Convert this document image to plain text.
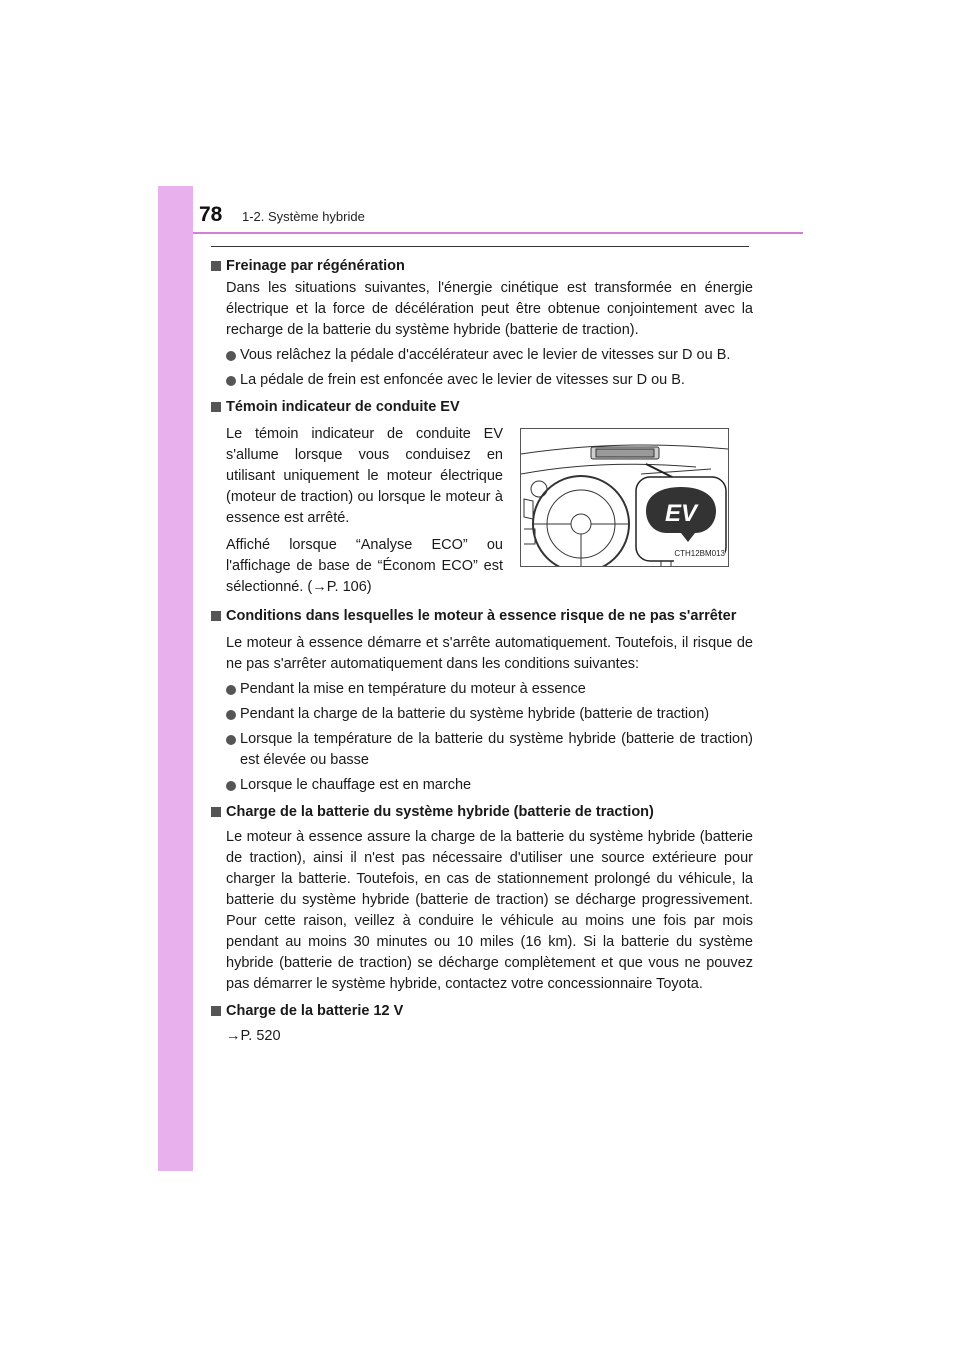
78 1-2. Système hybride

Freinage par régénération

Dans les situations suivantes, l'énergie cinétique est transformée en énergie électrique et la force de décélération peut être obtenue conjointement avec la recharge de la batterie du système hybride (batterie de traction).

Vous relâchez la pédale d'accélérateur avec le levier de vitesses sur D ou B.

La pédale de frein est enfoncée avec le levier de vitesses sur D ou B.

Témoin indicateur de conduite EV

Le témoin indicateur de conduite EV s'allume lorsque vous conduisez en utilisant uniquement le moteur électrique (moteur de traction) ou lorsque le moteur à essence est arrêté.

Affiché lorsque “Analyse ECO” ou l'affichage de base de “Économ ECO” est sélectionné. (→P. 106)

EV
CTH12BM013

Conditions dans lesquelles le moteur à essence risque de ne pas s'arrêter

Le moteur à essence démarre et s'arrête automatiquement. Toutefois, il risque de ne pas s'arrêter automatiquement dans les conditions suivantes:

Pendant la mise en température du moteur à essence

Pendant la charge de la batterie du système hybride (batterie de traction)

Lorsque la température de la batterie du système hybride (batterie de traction) est élevée ou basse

Lorsque le chauffage est en marche

Charge de la batterie du système hybride (batterie de traction)

Le moteur à essence assure la charge de la batterie du système hybride (batterie de traction), ainsi il n'est pas nécessaire d'utiliser une source extérieure pour charger la batterie. Toutefois, en cas de stationnement prolongé du véhicule, la batterie du système hybride (batterie de traction) se décharge progressivement. Pour cette raison, veillez à conduire le véhicule au moins une fois par mois pendant au moins 30 minutes ou 10 miles (16 km). Si la batterie du système hybride (batterie de traction) se décharge complètement et que vous ne pouvez pas démarrer le système hybride, contactez votre concessionnaire Toyota.

Charge de la batterie 12 V

→P. 520
